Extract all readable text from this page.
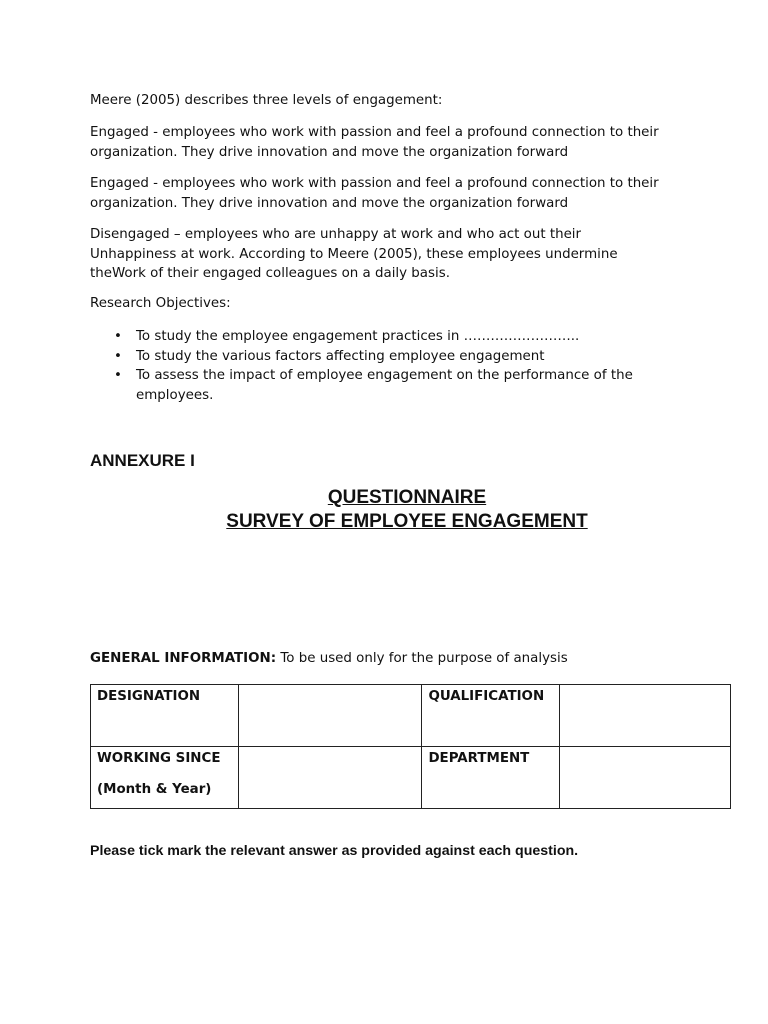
Meere (2005) describes three levels of engagement:

Engaged - employees who work with passion and feel a profound connection to their
organization. They drive innovation and move the organization forward

Engaged - employees who work with passion and feel a profound connection to their
organization. They drive innovation and move the organization forward

Disengaged – employees who are unhappy at work and who act out their
Unhappiness at work. According to Meere (2005), these employees undermine
theWork of their engaged colleagues on a daily basis.

Research Objectives:

• To study the employee engagement practices in ……………………..
• To study the various factors affecting employee engagement
• To assess the impact of employee engagement on the performance of the
employees.
ANNEXURE I
QUESTIONNAIRE
SURVEY OF EMPLOYEE ENGAGEMENT

GENERAL INFORMATION: To be used only for the purpose of analysis

DESIGNATION		QUALIFICATION	

WORKING SINCE
(Month & Year)		DEPARTMENT	

Please tick mark the relevant answer as provided against each question.
